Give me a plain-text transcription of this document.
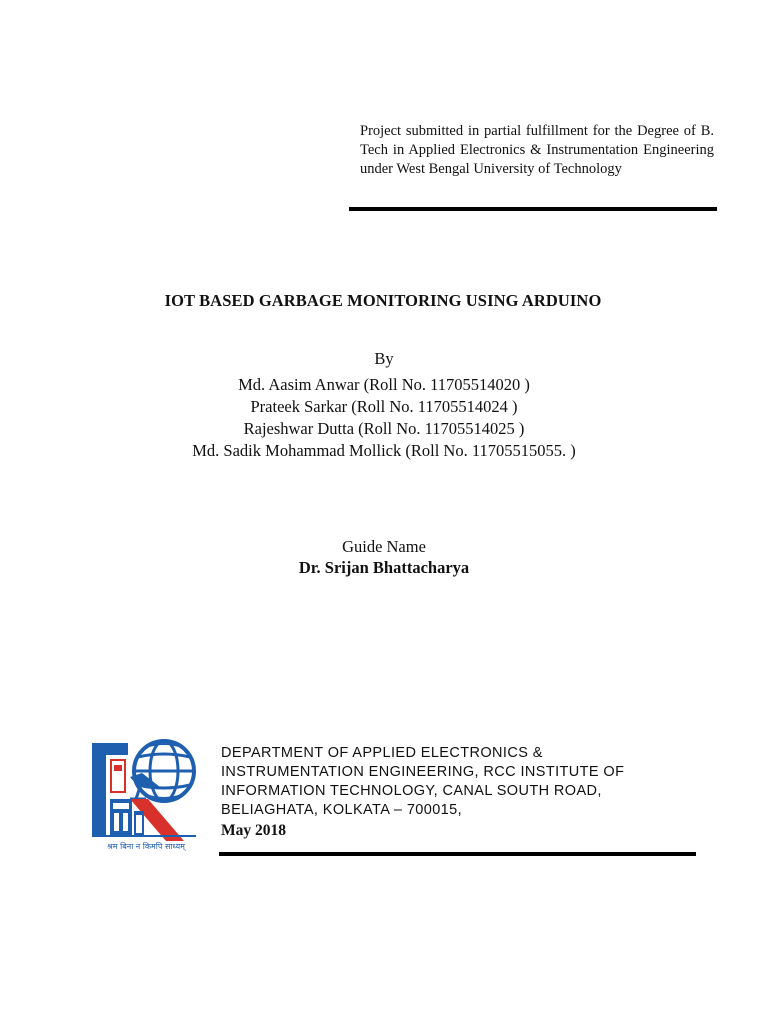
Project submitted in partial fulfillment for the Degree of B. Tech in Applied Electronics & Instrumentation Engineering under West Bengal University of Technology
IOT BASED GARBAGE MONITORING USING ARDUINO
By
Md. Aasim Anwar (Roll No. 11705514020 )
Prateek Sarkar (Roll No. 11705514024 )
Rajeshwar Dutta (Roll No. 11705514025 )
Md. Sadik Mohammad Mollick (Roll No. 11705515055. )
Guide Name
Dr. Srijan Bhattacharya
श्रम बिना न किमपि साध्यम्
DEPARTMENT OF APPLIED ELECTRONICS &
INSTRUMENTATION ENGINEERING, RCC INSTITUTE OF
INFORMATION TECHNOLOGY, CANAL SOUTH ROAD,
BELIAGHATA, KOLKATA – 700015,
May 2018
